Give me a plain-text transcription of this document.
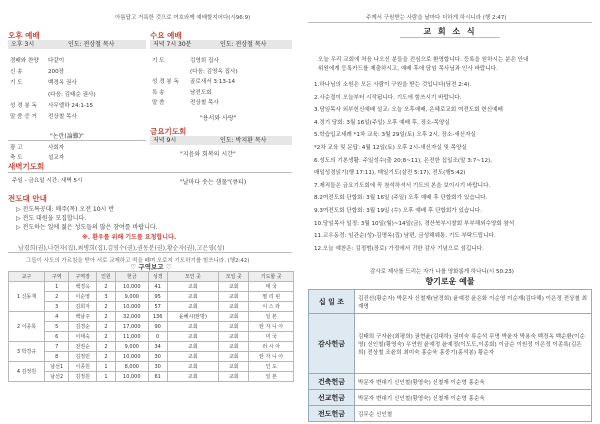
아름답고 거룩한 것으로 여호와께 예배할지어다(시96:9)
오후 예배
오후 3시	인도: 전상철 목사
경배와 찬양	다같이
신 송	200장
기 도	백경옥 권사
(다음: 김태순 권사)
성 경 봉 독	사무엘하 24:1-15
말 씀 증 거	전상철 목사
"논란(論難)"
광 고	사회자
축 도	설교자
수요 예배
저녁 7시 30분	인도: 전상철 목사
기 도	김영희 집사
(다음: 김영옥 집사)
성 경 봉 독	골로새서 3:13-14
특 송	남전도회
말 씀	전상철 목사
"용서와 사랑"
금요기도회
저녁 9시	인도: 박지환 목사
"지음와 회복의 시간"
새벽기도회
주일 - 금요일 시간: 새벽 5시	"날마다 솟는 샘물"(큐티)
전도대 안내
▷ 전도특공대: 매주(목) 오전 10시 반
▷ 전도 대원을 모집합니다.
▷ 전도하는 일에 젊은 성도들의 많은 참여를 바랍니다.
※. 환우를 위해 기도를 요청합니다.
남경희(권),나현자(집),최병희(집),김영수(권),권동분(권),황순자(권),고은영(성)
그들이 사도의 가르침을 받아 서로 교제하고 떡을 떼며 오로지 기도하기를 힘쓰니라. (행2:42)
♡ 구역보고 ♡
교구	구역	구역장	인원	헌금	성경	모인 곳	모일 곳	기도할 곳
1 신동재	1	백경옥	2	10,000	41	교회	교회	태 국
	2	이순영	3	9,000	95	교회	교회	필 리 핀
	3	김희자	2	10,000	57	교회	교회	이 스 라
2 이종록	4	백남주	2	32,000	136	윤혜시(탄방)	교회	일 본
	5	김경순	2	17,000	90	교회	교회	탄 자 니 아
	6	이태숙	2	11,000	0	교회	교회	미 국
3 박경규	7	전권순	2	9,000	34	교회	교회	러 시 아
	8	김정민	2	10,000	30	교회	교회	탄 자 니 아
4 김정원	남선1	이종원	1	8,000	30	교회	교회	인 도
	남선2	김정원	1	10,000	61	교회	교회	일 본
주께서 구원받는 사람을 날마다 더하게 하시니라 (행 2:47)
교 회 소 식
오늘 우리 교회에 처음 나오신 분들을 진심으로 환영합니다. 등록을 원하시는 분은 안내
위원에게 등록카드를 제출하시고, 예배 후에 담임 목사님과 인사 바랍니다.
1.하나님의 소원은 모든 사람이 구원을 받는 것입니다(딤전 2:4).
2.사순절이 오늘부터 시작됩니다. 기도에 힘쓰시기 바랍니다.
3.담임목사 외부헌신예배 설교: 오늘 오후예배, 은혜로교회 여전도회 헌신예배
4.정기 당회: 3월 16일(주일) 오후 예배 후, 장소-목양실
5.학습입교세례 *1차 교육: 3월 29일(토) 오후 2시, 장소-새신자실
*2차 교육 및 문답: 4월 12일(토) 오후 2시-새신자실 및 목양실
6.성도의 기본생활: 주일성수(출 20:8~11), 온전한 십일조(말 3:7~12),
매일성경읽기(행 17:11), 매일기도(살전 5:17), 전도(행5:42)
7.제직들은 금요기도회에 꼭 참석하셔서 기도의 본을 보이시기 바랍니다.
8.2여전도회 단합회: 3월 16일 (주일) 오후 예배 후 단합회가 있습니다.
9.3여전도회 단합회: 3월 19일 (수) 오후 예배 후 단합회가 있습니다.
10.당임목사 일정: 3월 10일(월)~14일(금), 경산북부시찰회 부부해외수양회 참석
11.교우동정: 임관순(성)-김명옥(집) 남편, 금성해웨통, 기도 부탁드립니다.
12.오늘 예찬은: 김정범(장로) 가정에서 귀한 감사 기념으로 섬깁니다.
감사로 제사를 드리는 자가 나를 영화롭게 하나니(시 50:23)
향기로운 예물
십 일 조	김진선(황순자) 박문자 신철재(남경희) 윤예정 윤은화 이순영 이순재(김다해) 이은정 전상철 최재명
감사헌금	김태희 구자윤(최평희) 권현윤(김대하) 권미숙 류순석 무명 박윤자 박용숙 백경옥 백순환(이순영) 신인철(황영숙) 우연원 윤예정 윤예정(이도도,이종회) 이금순 이원정 이은정 이종록(김은희) 전상철 조윤희 최미숙 홍순욱 홍중기(홍석봉) 황순자
건축헌금	박문자 변대기 신인철(황영숙) 신철재 이순영 홍순욱
선교헌금	박문자 변대기 신인철(황영숙) 신철재 이순영 홍순욱
전도헌금	김무순 신인철
